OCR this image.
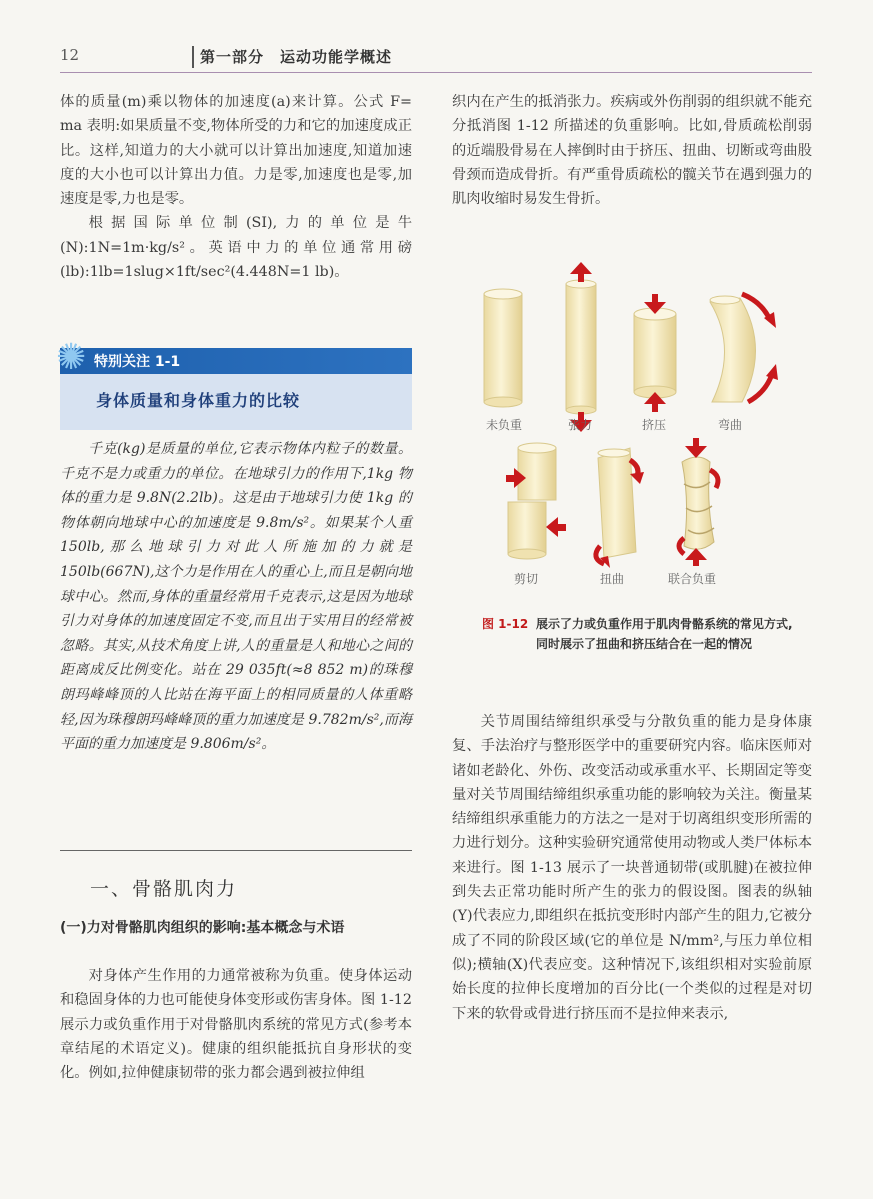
12	第一部分　运动功能学概述

体的质量(m)乘以物体的加速度(a)来计算。公式 F= ma 表明:如果质量不变,物体所受的力和它的加速度成正比。这样,知道力的大小就可以计算出加速度,知道加速度的大小也可以计算出力值。力是零,加速度也是零,加速度是零,力也是零。

根据国际单位制(SI),力的单位是牛(N):1N=1m·kg/s²。英语中力的单位通常用磅(lb):1lb=1slug×1ft/sec²(4.448N=1 lb)。

✺ 特别关注 1-1
身体质量和身体重力的比较
千克(kg)是质量的单位,它表示物体内粒子的数量。千克不是力或重力的单位。在地球引力的作用下,1kg 物体的重力是 9.8N(2.2lb)。这是由于地球引力使 1kg 的物体朝向地球中心的加速度是 9.8m/s²。如果某个人重 150lb,那么地球引力对此人所施加的力就是 150lb(667N),这个力是作用在人的重心上,而且是朝向地球中心。然而,身体的重量经常用千克表示,这是因为地球引力对身体的加速度固定不变,而且出于实用目的经常被忽略。其实,从技术角度上讲,人的重量是人和地心之间的距离成反比例变化。站在 29 035ft(≈8 852 m)的珠穆朗玛峰峰顶的人比站在海平面上的相同质量的人体重略轻,因为珠穆朗玛峰峰顶的重力加速度是 9.782m/s²,而海平面的重力加速度是 9.806m/s²。
一、骨骼肌肉力
(一)力对骨骼肌肉组织的影响:基本概念与术语

对身体产生作用的力通常被称为负重。使身体运动和稳固身体的力也可能使身体变形或伤害身体。图 1-12 展示力或负重作用于对骨骼肌肉系统的常见方式(参考本章结尾的术语定义)。健康的组织能抵抗自身形状的变化。例如,拉伸健康韧带的张力都会遇到被拉伸组

织内在产生的抵消张力。疾病或外伤削弱的组织就不能充分抵消图 1-12 所描述的负重影响。比如,骨质疏松削弱的近端股骨易在人摔倒时由于挤压、扭曲、切断或弯曲股骨颈而造成骨折。有严重骨质疏松的髋关节在遇到强力的肌肉收缩时易发生骨折。

未负重	张力	挤压	弯曲
剪切	扭曲	联合负重
图 1-12 展示了力或负重作用于肌肉骨骼系统的常见方式,同时展示了扭曲和挤压结合在一起的情况

关节周围结缔组织承受与分散负重的能力是身体康复、手法治疗与整形医学中的重要研究内容。临床医师对诸如老龄化、外伤、改变活动或承重水平、长期固定等变量对关节周围结缔组织承重功能的影响较为关注。衡量某结缔组织承重能力的方法之一是对于切离组织变形所需的力进行划分。这种实验研究通常使用动物或人类尸体标本来进行。图 1-13 展示了一块普通韧带(或肌腱)在被拉伸到失去正常功能时所产生的张力的假设图。图表的纵轴(Y)代表应力,即组织在抵抗变形时内部产生的阻力,它被分成了不同的阶段区域(它的单位是 N/mm²,与压力单位相似);横轴(X)代表应变。这种情况下,该组织相对实验前原始长度的拉伸长度增加的百分比(一个类似的过程是对切下来的软骨或骨进行挤压而不是拉伸来表示,
